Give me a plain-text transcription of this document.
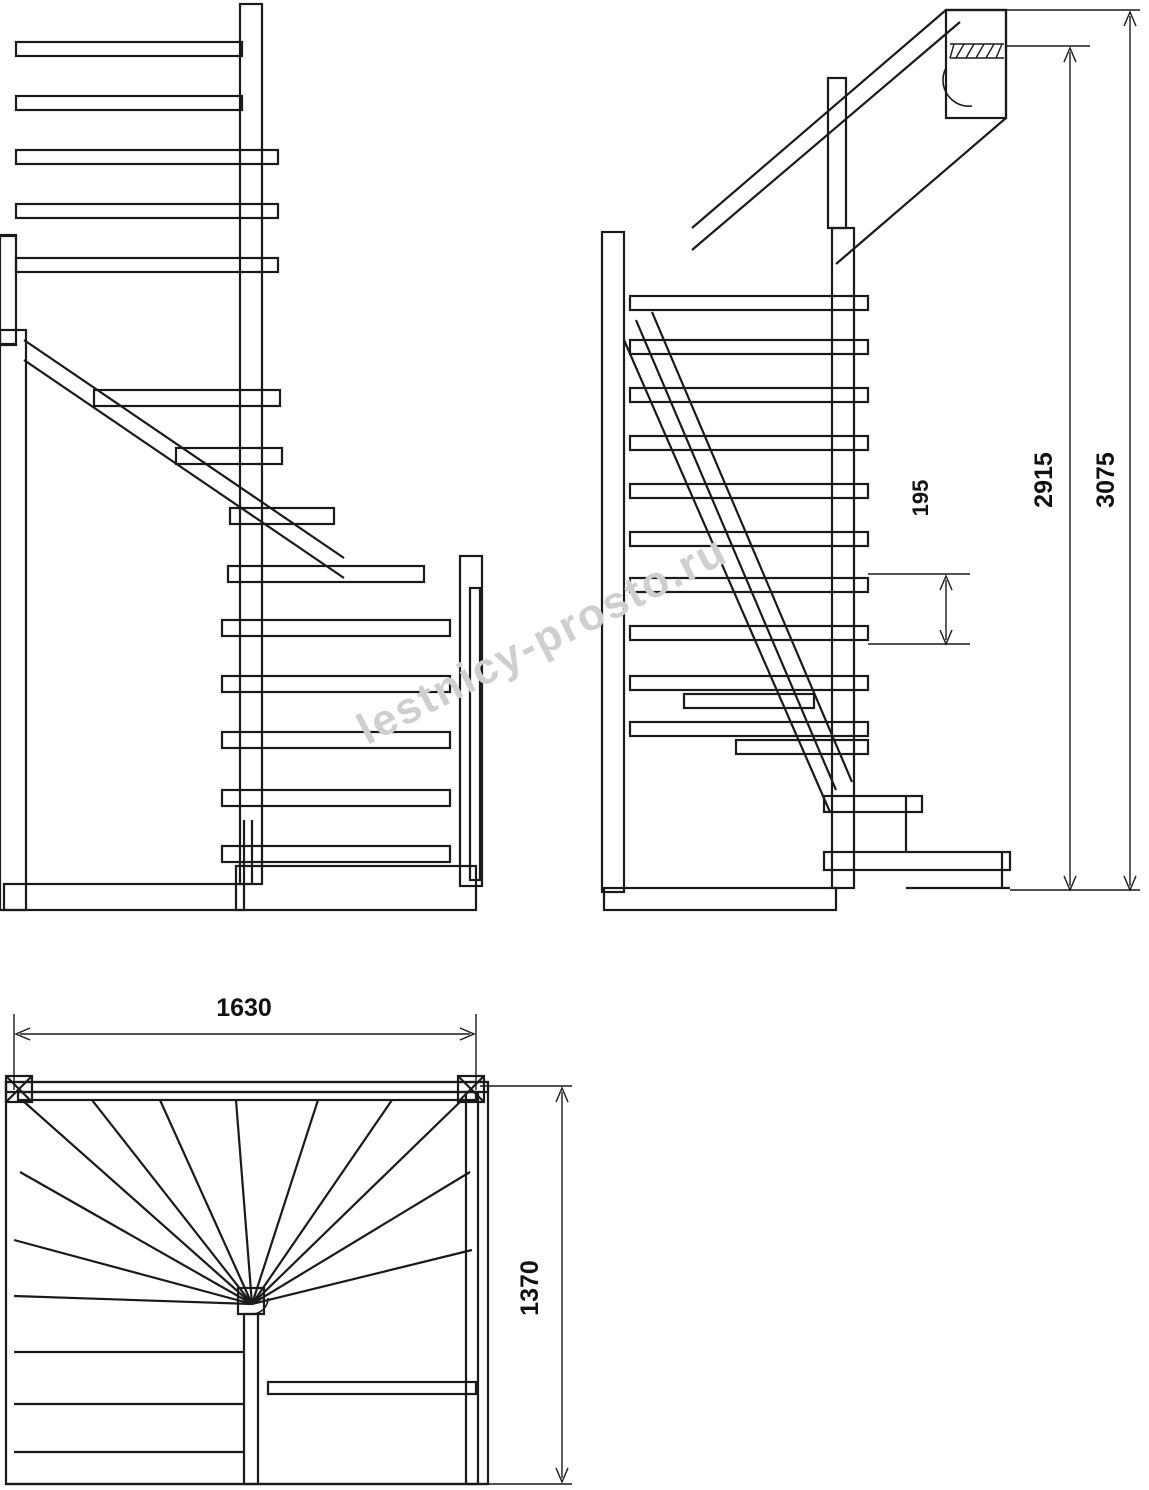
3075
2915
195
1630
1370
lestnicy-prosto.ru
